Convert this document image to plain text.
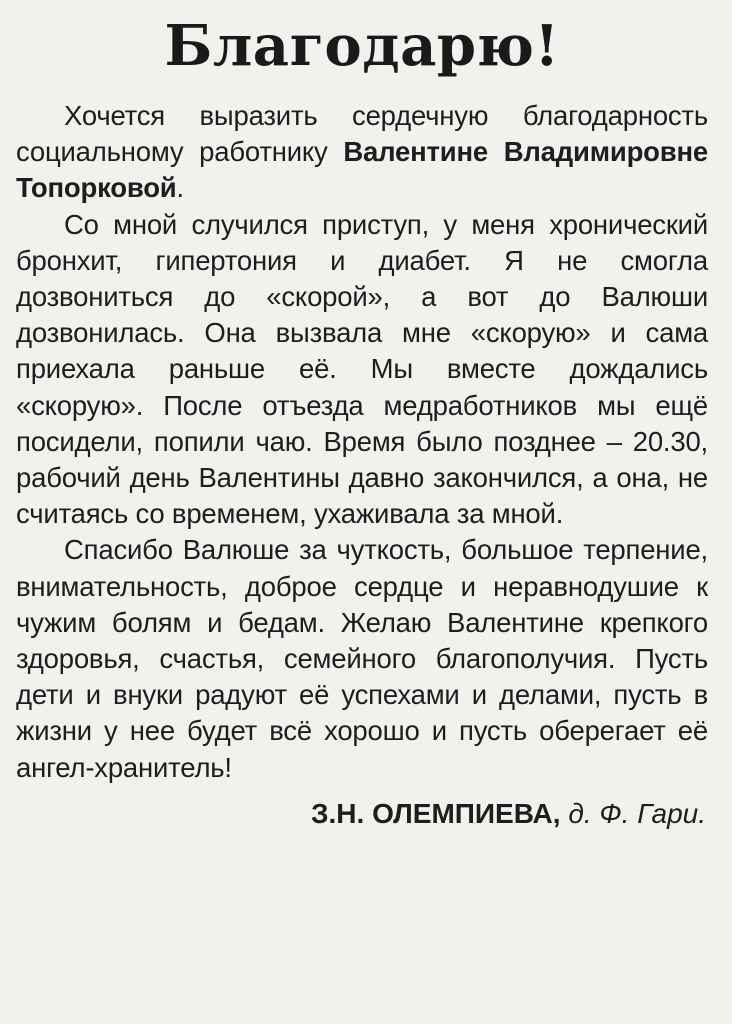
Благодарю!

Хочется выразить сердечную благодарность социальному работнику Валентине Владимировне Топорковой.

Со мной случился приступ, у меня хронический бронхит, гипертония и диабет. Я не смогла дозвониться до «скорой», а вот до Валюши дозвонилась. Она вызвала мне «скорую» и сама приехала раньше её. Мы вместе дождались «скорую». После отъезда медработников мы ещё посидели, попили чаю. Время было позднее – 20.30, рабочий день Валентины давно закончился, а она, не считаясь со временем, ухаживала за мной.

Спасибо Валюше за чуткость, большое терпение, внимательность, доброе сердце и неравнодушие к чужим болям и бедам. Желаю Валентине крепкого здоровья, счастья, семейного благополучия. Пусть дети и внуки радуют её успехами и делами, пусть в жизни у нее будет всё хорошо и пусть оберегает её ангел-хранитель!

З.Н. ОЛЕМПИЕВА, д. Ф. Гари.
